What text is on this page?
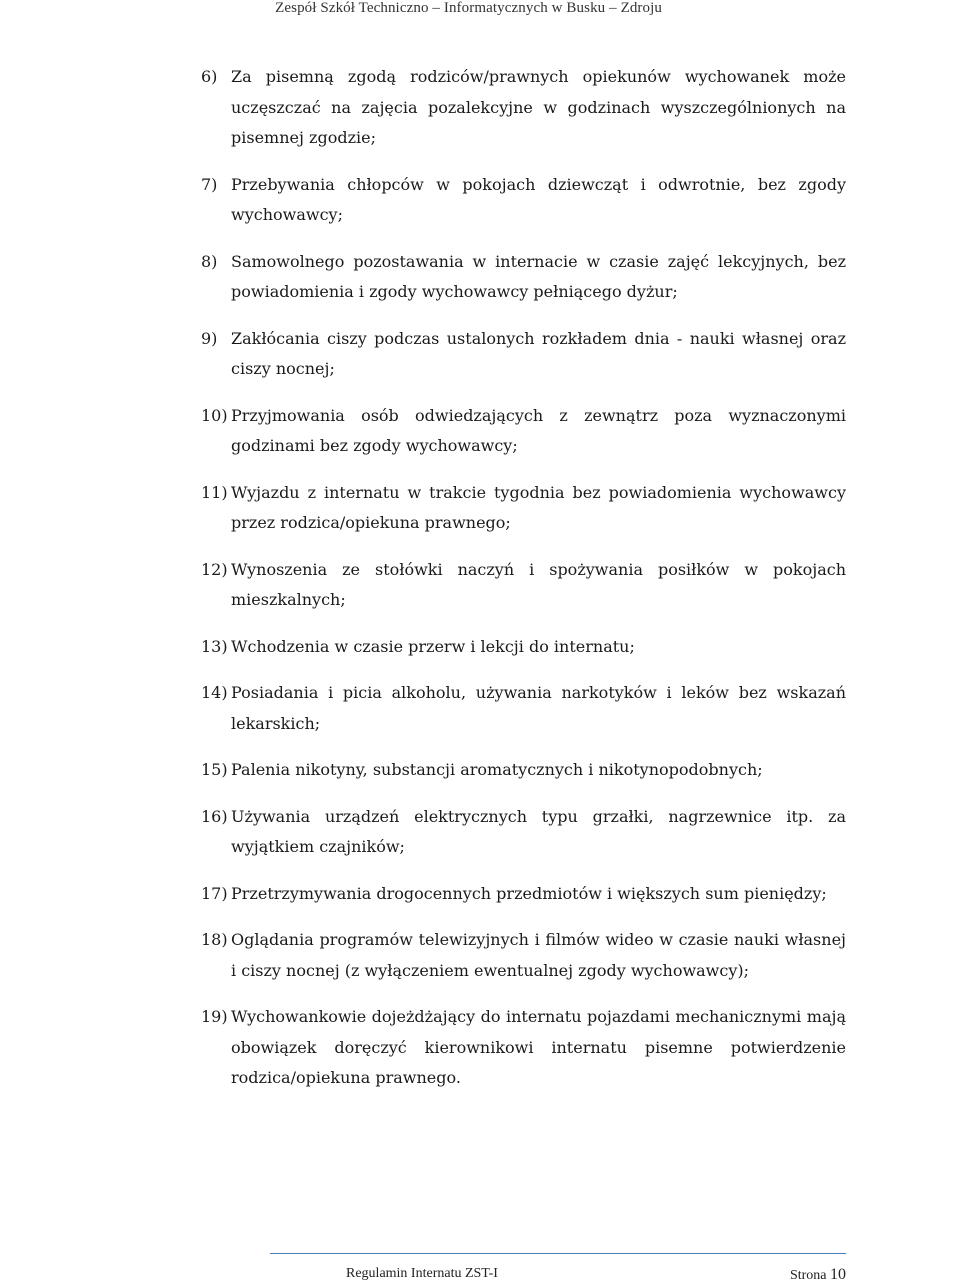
Zespół Szkół Techniczno – Informatycznych w Busku – Zdroju
6) Za pisemną zgodą rodziców/prawnych opiekunów wychowanek może uczęszczać na zajęcia pozalekcyjne w godzinach wyszczególnionych na pisemnej zgodzie;
7) Przebywania chłopców w pokojach dziewcząt i odwrotnie, bez zgody wychowawcy;
8) Samowolnego pozostawania w internacie w czasie zajęć lekcyjnych, bez powiadomienia i zgody wychowawcy pełniącego dyżur;
9) Zakłócania ciszy podczas ustalonych rozkładem dnia - nauki własnej oraz ciszy nocnej;
10) Przyjmowania osób odwiedzających z zewnątrz poza wyznaczonymi godzinami bez zgody wychowawcy;
11) Wyjazdu z internatu w trakcie tygodnia bez powiadomienia wychowawcy przez rodzica/opiekuna prawnego;
12) Wynoszenia ze stołówki naczyń i spożywania posiłków w pokojach mieszkalnych;
13) Wchodzenia w czasie przerw i lekcji do internatu;
14) Posiadania i picia alkoholu, używania narkotyków i leków bez wskazań lekarskich;
15) Palenia nikotyny, substancji aromatycznych i nikotynopodobnych;
16) Używania urządzeń elektrycznych typu grzałki, nagrzewnice itp. za wyjątkiem czajników;
17) Przetrzymywania drogocennych przedmiotów i większych sum pieniędzy;
18) Oglądania programów telewizyjnych i filmów wideo w czasie nauki własnej i ciszy nocnej (z wyłączeniem ewentualnej zgody wychowawcy);
19) Wychowankowie dojeżdżający do internatu pojazdami mechanicznymi mają obowiązek doręczyć kierownikowi internatu pisemne potwierdzenie rodzica/opiekuna prawnego.
Regulamin Internatu ZST-I	Strona 10
